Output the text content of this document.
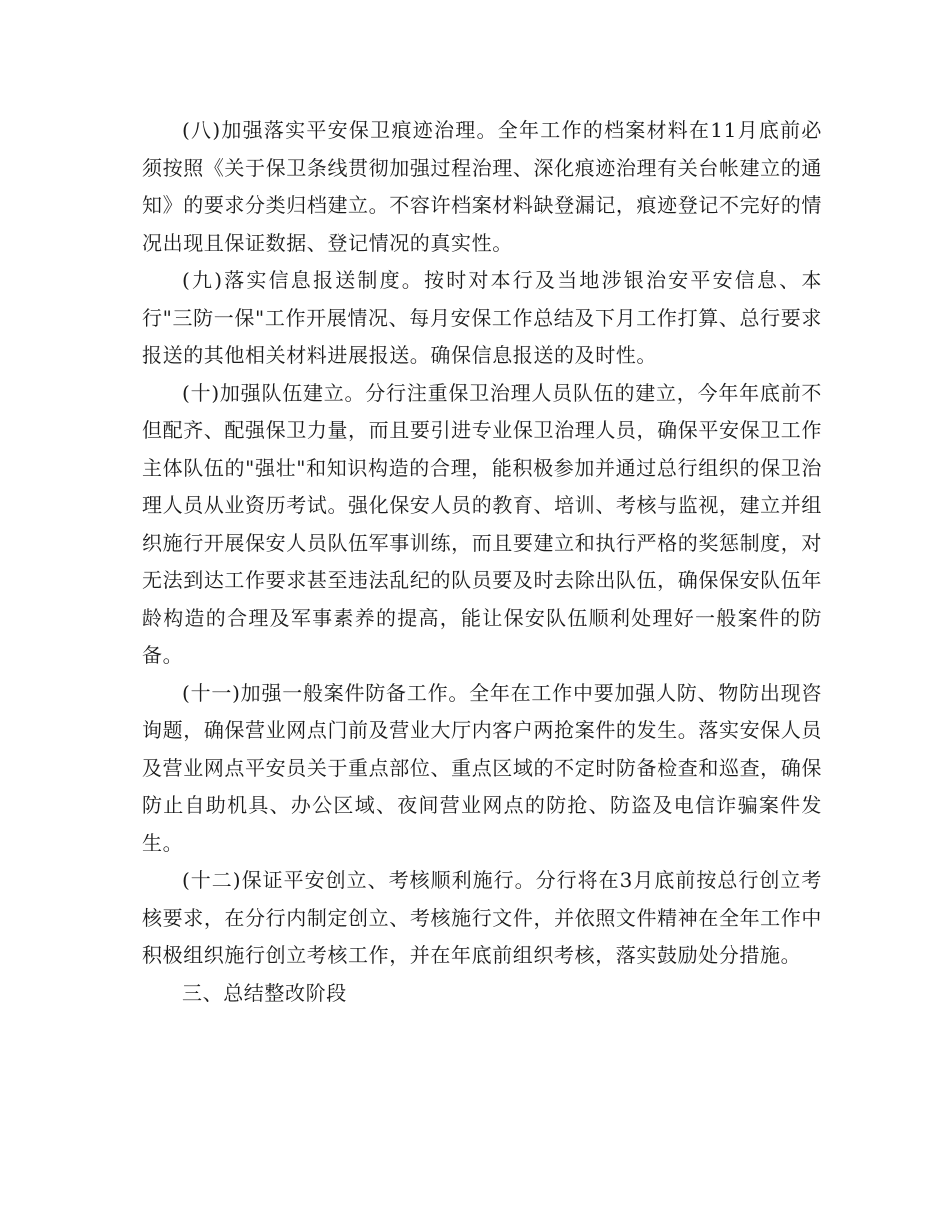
(八)加强落实平安保卫痕迹治理。全年工作的档案材料在11月底前必须按照《关于保卫条线贯彻加强过程治理、深化痕迹治理有关台帐建立的通知》的要求分类归档建立。不容许档案材料缺登漏记，痕迹登记不完好的情况出现且保证数据、登记情况的真实性。

(九)落实信息报送制度。按时对本行及当地涉银治安平安信息、本行"三防一保"工作开展情况、每月安保工作总结及下月工作打算、总行要求报送的其他相关材料进展报送。确保信息报送的及时性。

(十)加强队伍建立。分行注重保卫治理人员队伍的建立，今年年底前不但配齐、配强保卫力量，而且要引进专业保卫治理人员，确保平安保卫工作主体队伍的"强壮"和知识构造的合理，能积极参加并通过总行组织的保卫治理人员从业资历考试。强化保安人员的教育、培训、考核与监视，建立并组织施行开展保安人员队伍军事训练，而且要建立和执行严格的奖惩制度，对无法到达工作要求甚至违法乱纪的队员要及时去除出队伍，确保保安队伍年龄构造的合理及军事素养的提高，能让保安队伍顺利处理好一般案件的防备。

(十一)加强一般案件防备工作。全年在工作中要加强人防、物防出现咨询题，确保营业网点门前及营业大厅内客户两抢案件的发生。落实安保人员及营业网点平安员关于重点部位、重点区域的不定时防备检查和巡查，确保防止自助机具、办公区域、夜间营业网点的防抢、防盗及电信诈骗案件发生。

(十二)保证平安创立、考核顺利施行。分行将在3月底前按总行创立考核要求，在分行内制定创立、考核施行文件，并依照文件精神在全年工作中积极组织施行创立考核工作，并在年底前组织考核，落实鼓励处分措施。

三、总结整改阶段
